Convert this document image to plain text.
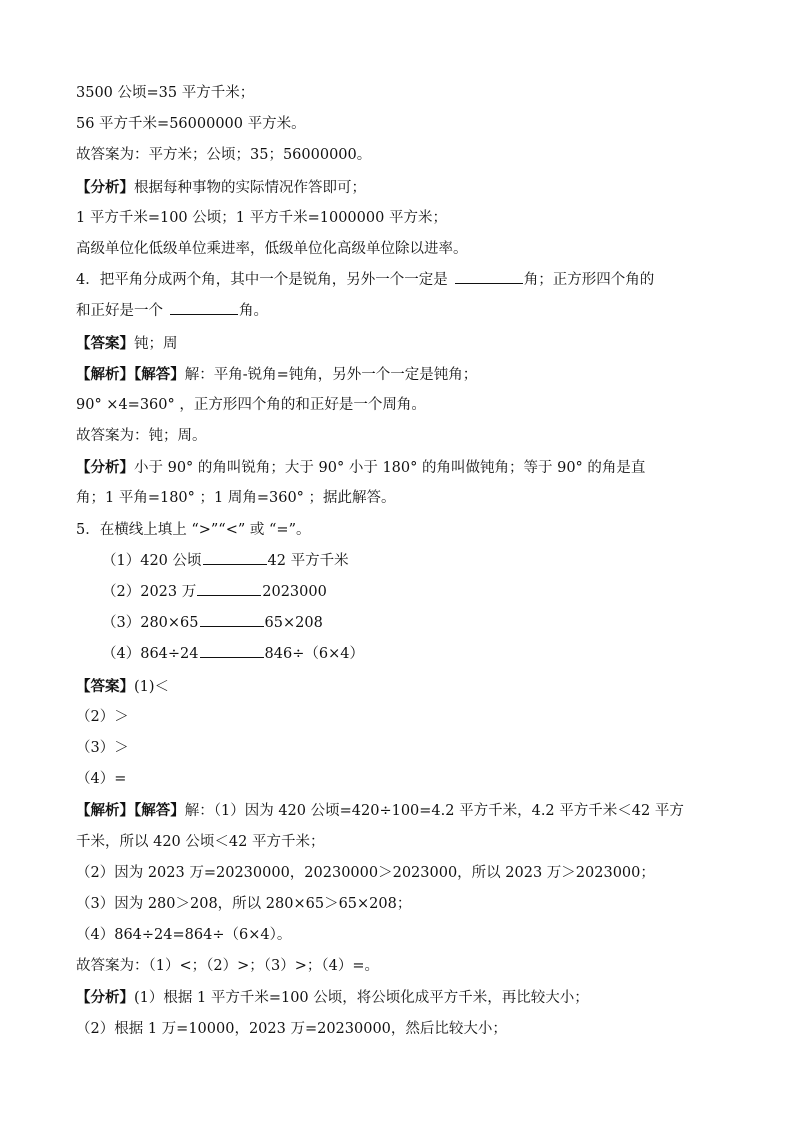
3500 公顷=35 平方千米；
56 平方千米=56000000 平方米。
故答案为：平方米；公顷；35；56000000。
【分析】根据每种事物的实际情况作答即可；
1 平方千米=100 公顷；1 平方千米=1000000 平方米；
高级单位化低级单位乘进率，低级单位化高级单位除以进率。
4．把平角分成两个角，其中一个是锐角，另外一个一定是	角；正方形四个角的
和正好是一个	角。
【答案】钝；周
【解析】【解答】解：平角-锐角=钝角，另外一个一定是钝角；
90° ×4=360° ，正方形四个角的和正好是一个周角。
故答案为：钝；周。
【分析】小于 90° 的角叫锐角；大于 90° 小于 180° 的角叫做钝角；等于 90° 的角是直
角；1 平角=180° ；1 周角=360° ；据此解答。
5．在横线上填上 “>”“<” 或 “=”。
（1）420 公顷	42 平方千米
（2）2023 万	2023000
（3）280×65	65×208
（4）864÷24	846÷（6×4）
【答案】(1)＜
（2）＞
（3）＞
（4）=
【解析】【解答】解：（1）因为 420 公顷=420÷100=4.2 平方千米，4.2 平方千米＜42 平方
千米，所以 420 公顷＜42 平方千米；
（2）因为 2023 万=20230000，20230000＞2023000，所以 2023 万＞2023000；
（3）因为 280＞208，所以 280×65＞65×208；
（4）864÷24=864÷（6×4）。
故答案为：（1）<；（2）>；（3）>；（4）=。
【分析】(1）根据 1 平方千米=100 公顷，将公顷化成平方千米，再比较大小；
（2）根据 1 万=10000，2023 万=20230000，然后比较大小；
